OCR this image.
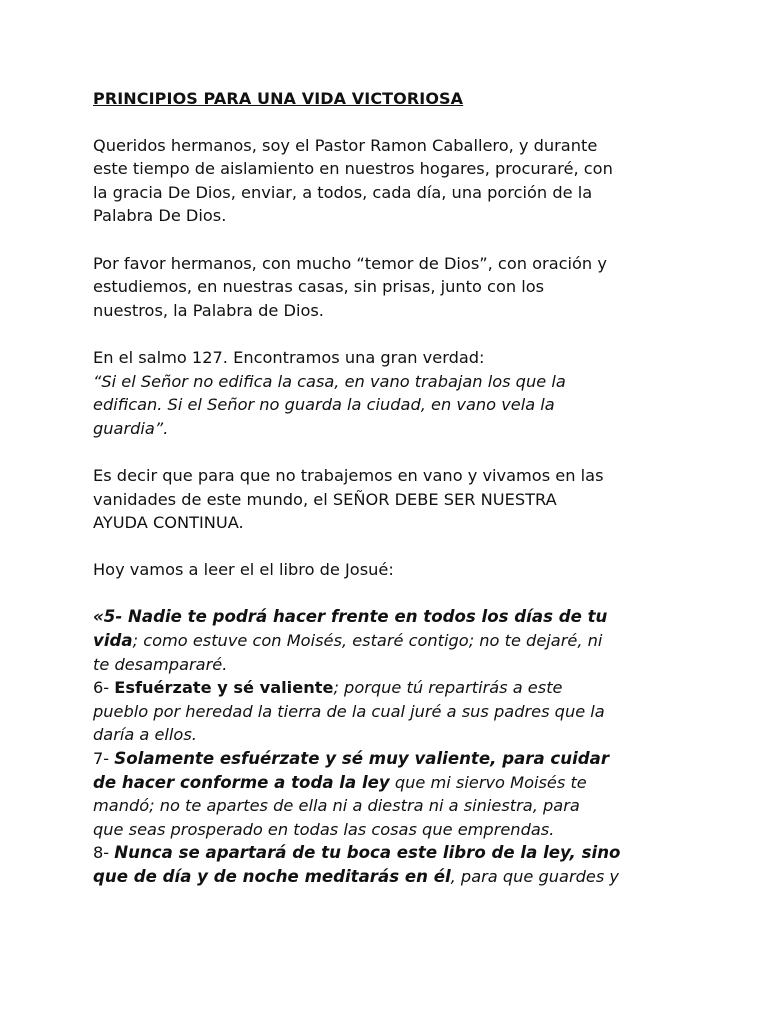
PRINCIPIOS PARA UNA VIDA VICTORIOSA

Queridos hermanos, soy el Pastor Ramon Caballero, y durante
este tiempo de aislamiento en nuestros hogares, procuraré, con
la gracia De Dios, enviar, a todos, cada día, una porción de la
Palabra De Dios.

Por favor hermanos, con mucho “temor de Dios”, con oración y
estudiemos, en nuestras casas, sin prisas, junto con los
nuestros, la Palabra de Dios.

En el salmo 127. Encontramos una gran verdad:
“Si el Señor no edifica la casa, en vano trabajan los que la
edifican. Si el Señor no guarda la ciudad, en vano vela la
guardia”.

Es decir que para que no trabajemos en vano y vivamos en las
vanidades de este mundo, el SEÑOR DEBE SER NUESTRA
AYUDA CONTINUA.

Hoy vamos a leer el el libro de Josué:

«5- Nadie te podrá hacer frente en todos los días de tu
vida; como estuve con Moisés, estaré contigo; no te dejaré, ni
te desampararé.
6- Esfuérzate y sé valiente; porque tú repartirás a este
pueblo por heredad la tierra de la cual juré a sus padres que la
daría a ellos.
7- Solamente esfuérzate y sé muy valiente, para cuidar
de hacer conforme a toda la ley que mi siervo Moisés te
mandó; no te apartes de ella ni a diestra ni a siniestra, para
que seas prosperado en todas las cosas que emprendas.
8- Nunca se apartará de tu boca este libro de la ley, sino
que de día y de noche meditarás en él, para que guardes y
